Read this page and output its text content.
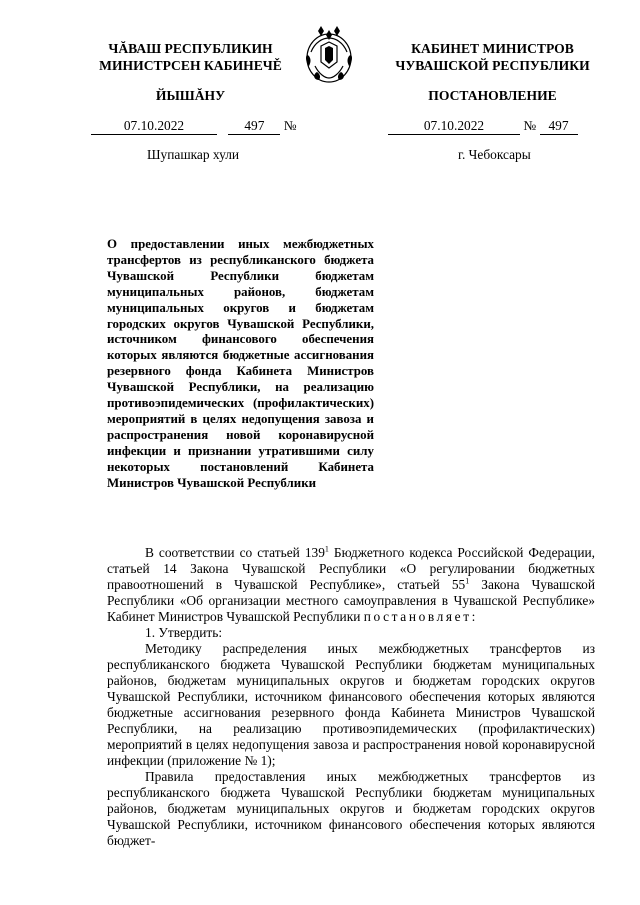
ЧĂВАШ РЕСПУБЛИКИН
МИНИСТРСЕН КАБИНЕЧĚ
ЙЫШĂНУ
КАБИНЕТ МИНИСТРОВ
ЧУВАШСКОЙ РЕСПУБЛИКИ
ПОСТАНОВЛЕНИЕ
07.10.2022	497 №	07.10.2022	№ 497
Шупашкар хули	г. Чебоксары
О предоставлении иных межбюджетных трансфертов из республиканского бюджета Чувашской Республики бюджетам муниципальных районов, бюджетам муниципальных округов и бюджетам городских округов Чувашской Республики, источником финансового обеспечения которых являются бюджетные ассигнования резервного фонда Кабинета Министров Чувашской Республики, на реализацию противоэпидемических (профилактических) мероприятий в целях недопущения завоза и распространения новой коронавирусной инфекции и признании утратившими силу некоторых постановлений Кабинета Министров Чувашской Республики

В соответствии со статьей $139^1$ Бюджетного кодекса Российской Федерации, статьей 14 Закона Чувашской Республики «О регулировании бюджетных правоотношений в Чувашской Республике», статьей $55^1$ Закона Чувашской Республики «Об организации местного самоуправления в Чувашской Республике» Кабинет Министров Чувашской Республики постановляет:

1. Утвердить:

Методику распределения иных межбюджетных трансфертов из республиканского бюджета Чувашской Республики бюджетам муниципальных районов, бюджетам муниципальных округов и бюджетам городских округов Чувашской Республики, источником финансового обеспечения которых являются бюджетные ассигнования резервного фонда Кабинета Министров Чувашской Республики, на реализацию противоэпидемических (профилактических) мероприятий в целях недопущения завоза и распространения новой коронавирусной инфекции (приложение № 1);

Правила предоставления иных межбюджетных трансфертов из республиканского бюджета Чувашской Республики бюджетам муниципальных районов, бюджетам муниципальных округов и бюджетам городских округов Чувашской Республики, источником финансового обеспечения которых являются бюджет-
